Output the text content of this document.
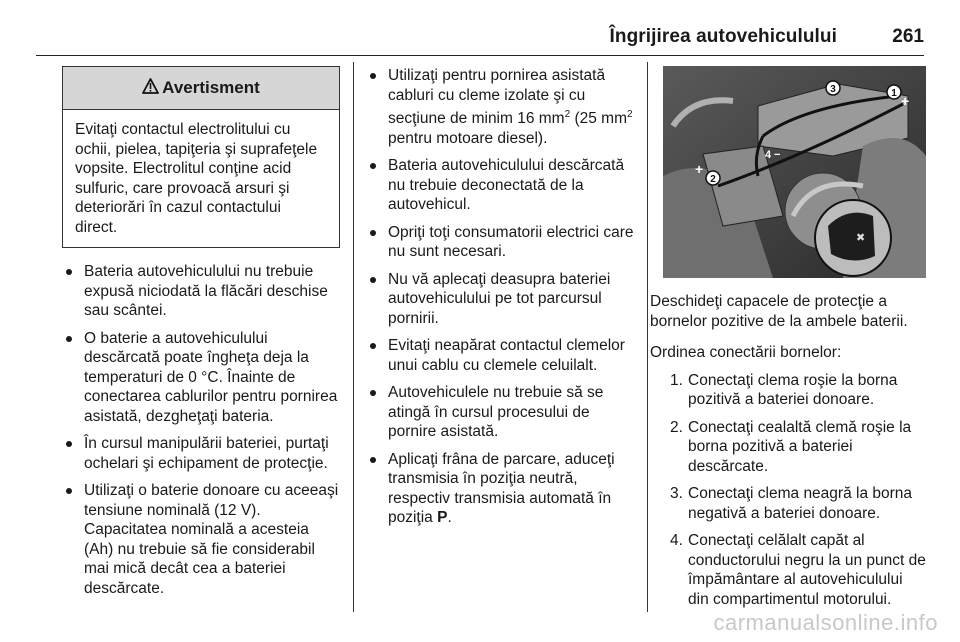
Îngrijirea autovehiculului	261
Avertisment
Evitaţi contactul electrolitului cu ochii, pielea, tapiţeria şi suprafeţele vopsite. Electrolitul conţine acid sulfuric, care provoacă arsuri şi deteriorări în cazul contactului direct.
Bateria autovehiculului nu trebuie expusă niciodată la flăcări deschise sau scântei.
O baterie a autovehiculului descărcată poate îngheţa deja la temperaturi de 0 °C. Înainte de conectarea cablurilor pentru pornirea asistată, dezgheţaţi bateria.
În cursul manipulării bateriei, purtaţi ochelari şi echipament de protecţie.
Utilizaţi o baterie donoare cu aceeaşi tensiune nominală (12 V). Capacitatea nominală a acesteia (Ah) nu trebuie să fie considerabil mai mică decât cea a bateriei descărcate.
Utilizaţi pentru pornirea asistată cabluri cu cleme izolate şi cu secţiune de minim 16 $mm^2$ (25 $mm^2$ pentru motoare diesel).
Bateria autovehiculului descărcată nu trebuie deconectată de la autovehicul.
Opriţi toţi consumatorii electrici care nu sunt necesari.
Nu vă aplecaţi deasupra bateriei autovehiculului pe tot parcursul pornirii.
Evitaţi neapărat contactul clemelor unui cablu cu clemele celuilalt.
Autovehiculele nu trebuie să se atingă în cursul procesului de pornire asistată.
Aplicaţi frâna de parcare, aduceţi transmisia în poziţia neutră, respectiv transmisia automată în poziţia P.
✖
1
2
3
4 −
+
+

Deschideţi capacele de protecţie a bornelor pozitive de la ambele baterii.

Ordinea conectării bornelor:

1. Conectaţi clema roşie la borna pozitivă a bateriei donoare.
2. Conectaţi cealaltă clemă roşie la borna pozitivă a bateriei descărcate.
3. Conectaţi clema neagră la borna negativă a bateriei donoare.
4. Conectaţi celălalt capăt al conductorului negru la un punct de împământare al autovehiculului din compartimentul motorului.
carmanualsonline.info
